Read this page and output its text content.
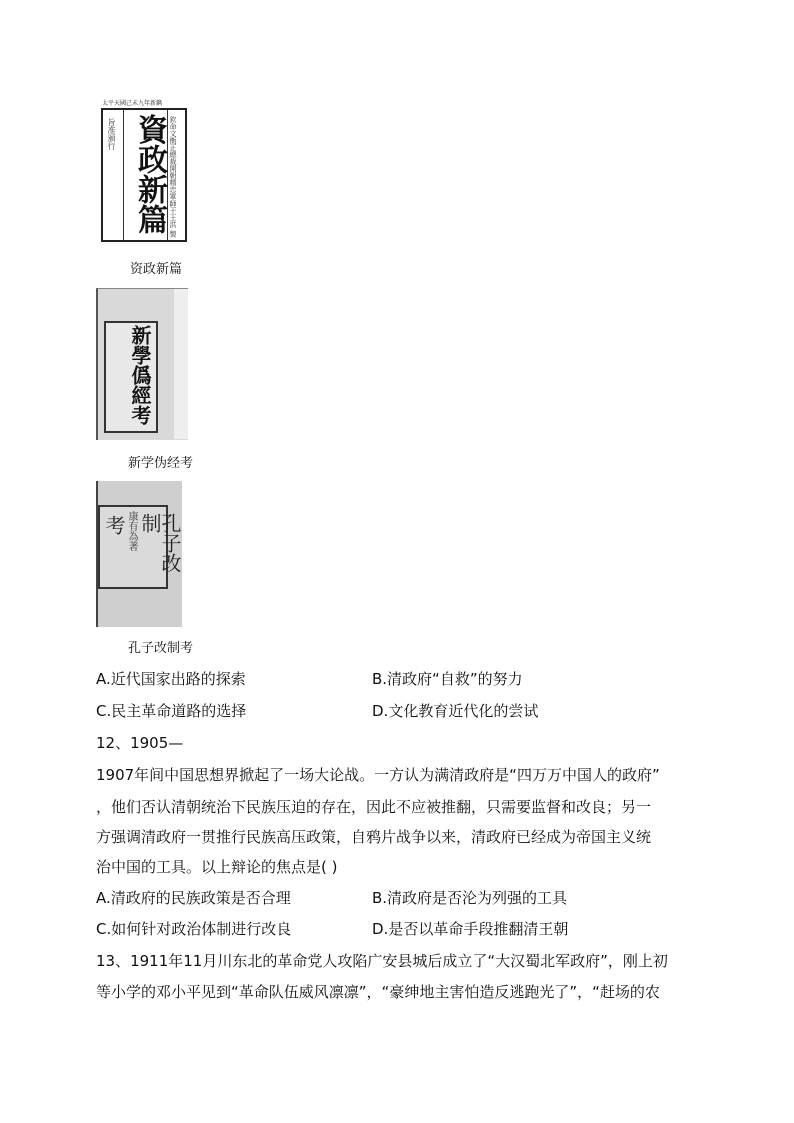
太平天國己未九年新鐫
旨准頒行 資政新篇 欽命文衡正總裁開朝精忠軍師干王洪 製
资政新篇
新學僞經考
新学伪经考
孔子改制
康有為著
考
孔子改制考
A.近代国家出路的探索	B.清政府“自救”的努力
C.民主革命道路的选择	D.文化教育近代化的尝试
12、1905—
1907年间中国思想界掀起了一场大论战。一方认为满清政府是“四万万中国人的政府”
，他们否认清朝统治下民族压迫的存在，因此不应被推翻，只需要监督和改良；另一
方强调清政府一贯推行民族高压政策，自鸦片战争以来，清政府已经成为帝国主义统
治中国的工具。以上辩论的焦点是( )
A.清政府的民族政策是否合理	B.清政府是否沦为列强的工具
C.如何针对政治体制进行改良	D.是否以革命手段推翻清王朝
13、1911年11月川东北的革命党人攻陷广安县城后成立了“大汉蜀北军政府”，刚上初
等小学的邓小平见到“革命队伍威风凛凛”，“豪绅地主害怕造反逃跑光了”，“赶场的农
